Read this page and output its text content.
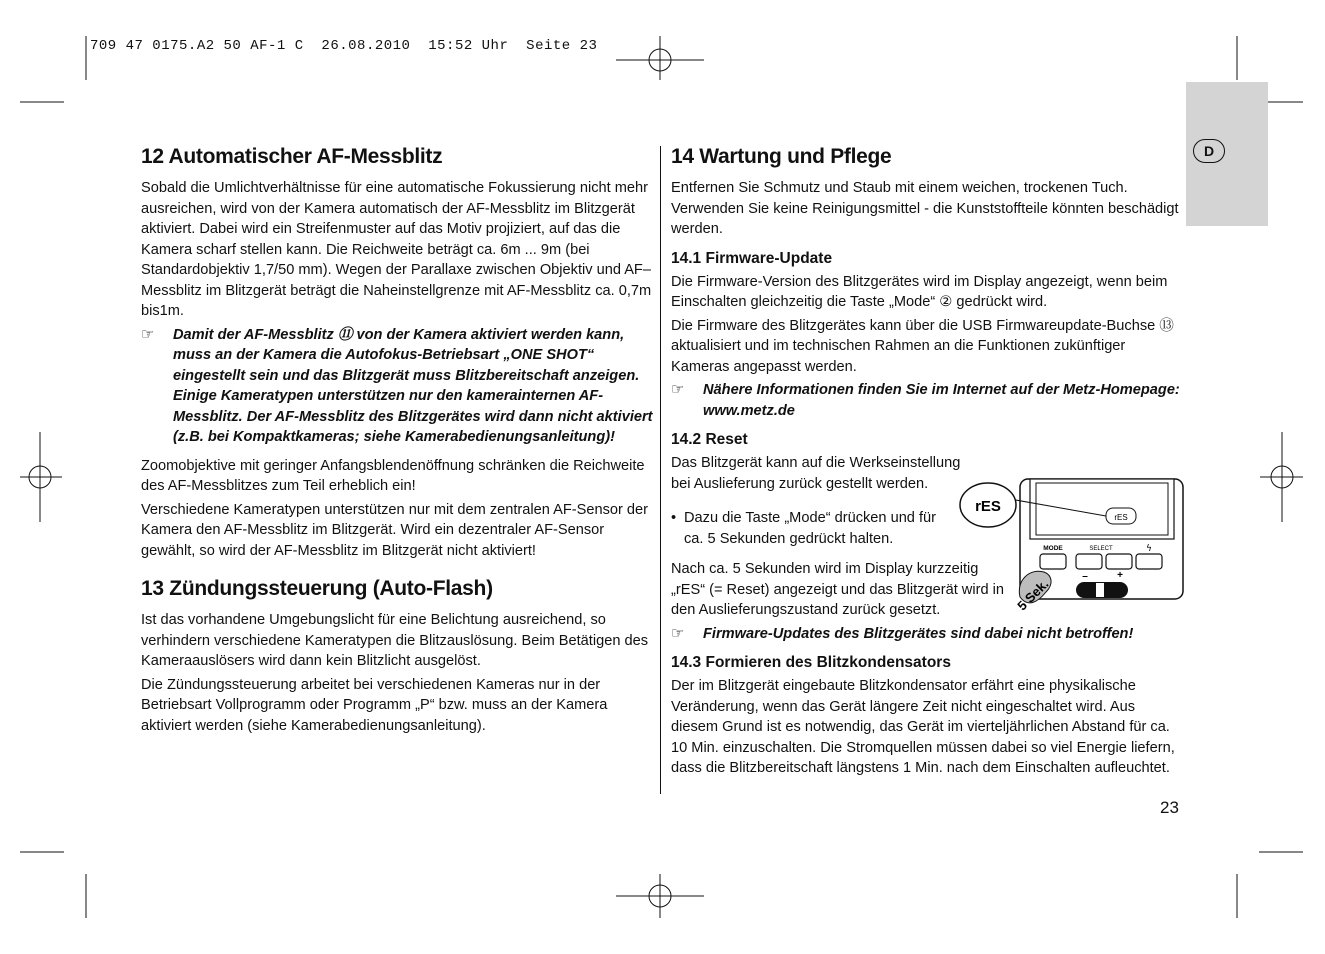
709 47 0175.A2 50 AF-1 C  26.08.2010  15:52 Uhr  Seite 23
D
12 Automatischer AF-Messblitz

Sobald die Umlichtverhältnisse für eine automatische Fokussierung nicht mehr ausreichen, wird von der Kamera automatisch der AF-Messblitz im Blitzgerät aktiviert. Dabei wird ein Streifenmuster auf das Motiv projiziert, auf das die Kamera scharf stellen kann. Die Reichweite beträgt ca. 6m ... 9m (bei Standardobjektiv 1,7/50 mm). Wegen der Parallaxe zwischen Objektiv und AF–Messblitz im Blitzgerät beträgt die Naheinstellgrenze mit AF-Messblitz ca. 0,7m bis1m.

☞ Damit der AF-Messblitz ⑪ von der Kamera aktiviert werden kann, muss an der Kamera die Autofokus-Betriebsart „ONE SHOT“ eingestellt sein und das Blitzgerät muss Blitzbereitschaft anzeigen. Einige Kameratypen unterstützen nur den kamerainternen AF-Messblitz. Der AF-Messblitz des Blitzgerätes wird dann nicht aktiviert (z.B. bei Kompaktkameras; siehe Kamerabedienungsanleitung)!

Zoomobjektive mit geringer Anfangsblendenöffnung schränken die Reichweite des AF-Messblitzes zum Teil erheblich ein!

Verschiedene Kameratypen unterstützen nur mit dem zentralen AF-Sensor der Kamera den AF-Messblitz im Blitzgerät. Wird ein dezentraler AF-Sensor gewählt, so wird der AF-Messblitz im Blitzgerät nicht aktiviert!

13 Zündungssteuerung (Auto-Flash)

Ist das vorhandene Umgebungslicht für eine Belichtung ausreichend, so verhindern verschiedene Kameratypen die Blitzauslösung. Beim Betätigen des Kameraauslösers wird dann kein Blitzlicht ausgelöst.

Die Zündungssteuerung arbeitet bei verschiedenen Kameras nur in der Betriebsart Vollprogramm oder Programm „P“ bzw. muss an der Kamera aktiviert werden (siehe Kamerabedienungsanleitung).

14 Wartung und Pflege

Entfernen Sie Schmutz und Staub mit einem weichen, trockenen Tuch. Verwenden Sie keine Reinigungsmittel - die Kunststoffteile könnten beschädigt werden.

14.1 Firmware-Update

Die Firmware-Version des Blitzgerätes wird im Display angezeigt, wenn beim Einschalten gleichzeitig die Taste „Mode“ ② gedrückt wird.

Die Firmware des Blitzgerätes kann über die USB Firmwareupdate-Buchse ⑬ aktualisiert und im technischen Rahmen an die Funktionen zukünftiger Kameras angepasst werden.

☞ Nähere Informationen finden Sie im Internet auf der Metz-Homepage: www.metz.de
14.2 Reset

Das Blitzgerät kann auf die Werkseinstellung bei Auslieferung zurück gestellt werden.

• Dazu die Taste „Mode“ drücken und für ca. 5 Sekunden gedrückt halten.

Nach ca. 5 Sekunden wird im Display kurzzeitig „rES“ (= Reset) angezeigt und das Blitzgerät wird in den Auslieferungszustand zurück gesetzt.

☞ Firmware-Updates des Blitzgerätes sind dabei nicht betroffen!
14.3 Formieren des Blitzkondensators

Der im Blitzgerät eingebaute Blitzkondensator erfährt eine physikalische Veränderung, wenn das Gerät längere Zeit nicht eingeschaltet wird. Aus diesem Grund ist es notwendig, das Gerät im vierteljährlichen Abstand für ca. 10 Min. einzuschalten. Die Stromquellen müssen dabei so viel Energie liefern, dass die Blitzbereitschaft längstens 1 Min. nach dem Einschalten aufleuchtet.

rES
rES
MODE	SELECT	ϟ
–	+
5 Sek.
23
